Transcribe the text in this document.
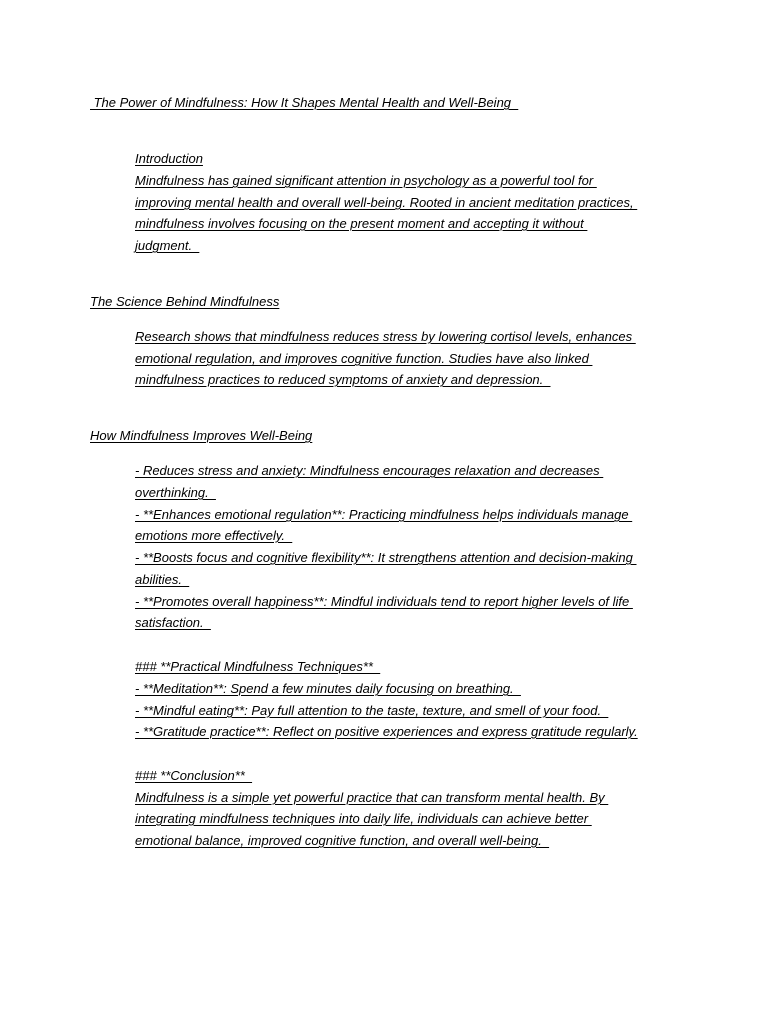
The Power of Mindfulness: How It Shapes Mental Health and Well-Being

Introduction

Mindfulness has gained significant attention in psychology as a powerful tool for

improving mental health and overall well-being. Rooted in ancient meditation practices,

mindfulness involves focusing on the present moment and accepting it without

judgment.

The Science Behind Mindfulness

Research shows that mindfulness reduces stress by lowering cortisol levels, enhances

emotional regulation, and improves cognitive function. Studies have also linked

mindfulness practices to reduced symptoms of anxiety and depression.

How Mindfulness Improves Well-Being

- Reduces stress and anxiety: Mindfulness encourages relaxation and decreases

overthinking.

- **Enhances emotional regulation**: Practicing mindfulness helps individuals manage

emotions more effectively.

- **Boosts focus and cognitive flexibility**: It strengthens attention and decision-making

abilities.

- **Promotes overall happiness**: Mindful individuals tend to report higher levels of life

satisfaction.

### **Practical Mindfulness Techniques**

- **Meditation**: Spend a few minutes daily focusing on breathing.

- **Mindful eating**: Pay full attention to the taste, texture, and smell of your food.

- **Gratitude practice**: Reflect on positive experiences and express gratitude regularly.

### **Conclusion**

Mindfulness is a simple yet powerful practice that can transform mental health. By

integrating mindfulness techniques into daily life, individuals can achieve better

emotional balance, improved cognitive function, and overall well-being.
